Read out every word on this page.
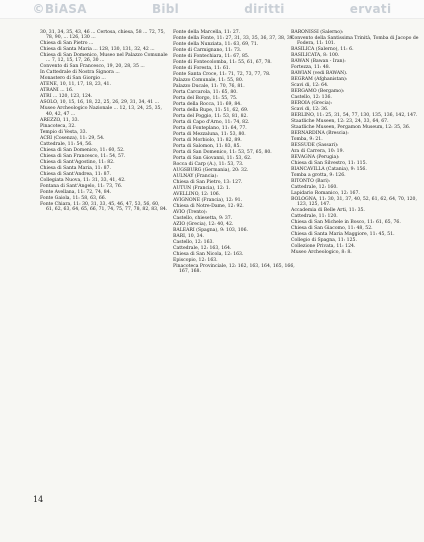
©BiASA	Bibl	diritti	ervati
30, 31, 34, 35, 43, 46 ... Certosa, chiesa, 58 ... 72, 75, 78, 90, ... 126, 130 ...
Chiesa di San Pietro ...
Chiesa di Santa Maria ... 128, 130, 131, 32, 42 ...
Chiesa di San Domenico, Museo nel Palazzo Comunale ... 7, 12, 15, 17, 26, 30 ...
Convento di San Francesco, 19, 20, 28, 35 ...
In Cattedrale di Nostra Signora ...
Monastero di San Giorgio ...
ATENE, 10, 11, 17, 18, 23, 41.
ATRANI ... 16.
ATRI ... 120, 123, 124.
ASOLO, 10, 15, 16, 18, 22, 25, 26, 29, 31, 34, 41 ...
Museo Archeologico Nazionale ... 12, 13, 24, 25, 35, 40, 42, 47 ...
AREZZO, 11, 33.
Pinacoteca, 32.
Tempio di Vesta, 33.
ACRI (Cosenza), 11: 29, 54.
Cattedrale, 11: 54, 56.
Chiesa di San Domenico, 11: 60, 52.
Chiesa di San Francesco, 11: 54, 57.
Chiesa di Sant'Agostino, 11: 82.
Chiesa di Santa Maria, 11: 87.
Chiesa di Sant'Andrea, 11: 87.
Collegiata Nuova, 11: 31, 33, 41, 42.
Fontana di Sant'Angelo, 11: 73, 76.
Fonte Avellana, 11: 72, 74, 84.
Fonte Gaiola, 11: 58, 63, 66.
Fonte Chiara, 11: 30, 31, 33, 45, 46, 47, 53, 56, 60, 61, 62, 63, 64, 65, 66, 71, 74, 75, 77, 78, 82, 83, 84.
Fonte della Marcella, 11: 27.
Fonte della Fonte, 11: 27, 31, 33, 35, 36, 37, 38, 39.
Fonte della Nunziata, 11: 63, 69, 71.
Fonte di Carmignano, 11: 73.
Fonte di Fontechiara, 11: 67, 85.
Fonte di Fontecolomba, 11: 55, 61, 67, 78.
Fonte di Foresta, 11: 61.
Fonte Santa Croce, 11: 71, 72, 73, 77, 78.
Palazzo Comunale, 11: 55, 80.
Palazzo Ducale, 11: 70, 76, 81.
Porta Carcarola, 11: 65, 80.
Porta del Borgo, 11: 55, 75.
Porta della Rocca, 11: 69, 84.
Porta della Rupe, 11: 51, 62, 69.
Porta del Poggio, 11: 53, 81, 82.
Porta di Capo d'Arno, 11: 74, 82.
Porta di Fonteplano, 11: 64, 77.
Porta di Mezzaluna, 11: 53, 80.
Porta di Morbiolo, 11: 82, 89.
Porta di Salomon, 11: 83, 85.
Porta di San Domenico, 11: 53, 57, 65, 80.
Porta di San Giovanni, 11: 53, 62.
Rocca di Carp (A.), 11: 53, 73.
AUGSBURG (Germania), 20: 32.
AULNAY (Francia):
Chiesa di San Pietro, 13: 127.
AUTUN (Francia), 12: 1.
AVELLINO, 12: 106.
AVIGNONE (Francia), 12: 91.
Chiesa di Notre-Dame, 12: 92.
AVIO (Trento):
Castello, chiesetta, 9: 37.
AZIO (Grecia), 12: 40, 42.
BALEARI (Spagna), 9: 103, 106.
BARI, 10, 34.
Castello, 12: 163.
Cattedrale, 12: 163, 164.
Chiesa di San Nicola, 12: 163.
Episcopio, 12: 163.
Pinacoteca Provinciale, 12: 162, 163, 164, 165, 166, 167, 168.
BARONISSI (Salerno):
Convento della Santissima Trinità, Tomba di Jacopo de Fodera, 11: 101.
BASILICA (Salerno), 11: 6.
BASILICATA, 8: 100.
BAWAN (Bawan - Iran):
Fortezza, 11: 48.
BAWIAN (vedi BAWAN).
BEGRAM (Afghanistan):
Scavi di, 12: 64.
BERGAMO (Bergamo):
Castello, 12: 136.
BEROIA (Grecia):
Scavi di, 12: 36.
BERLINO, 11: 25, 31, 54, 77, 130, 135, 136, 142, 147.
Staatliche Museen, 12: 23, 24, 33, 64, 67.
Staatliche Museen, Pergamon Museum, 12: 35, 36.
BERNARDINA (Brescia):
Tomba, 9: 21.
BESSUDE (Sassari):
Ara di Carrera, 10: 19.
BEVAGNA (Perugia):
Chiesa di San Silvestro, 11: 115.
BIANCAVILLA (Catania), 9: 156.
Tomba a grotta, 9: 126.
BITONTO (Bari):
Cattedrale, 12: 160.
Lapidario Romanico, 12: 167.
BOLOGNA, 11: 30, 31, 37, 40, 52, 61, 62, 64, 70, 120, 123, 125, 147.
Accademia di Belle Arti, 11: 35.
Cattedrale, 11: 120.
Chiesa di San Michele in Bosco, 11: 61, 65, 76.
Chiesa di San Giacomo, 11: 48, 52.
Chiesa di Santa Maria Maggiore, 11: 45, 51.
Collegio di Spagna, 11: 125.
Collezione Privata, 11: 124.
Museo Archeologico, 8: 8.
14
